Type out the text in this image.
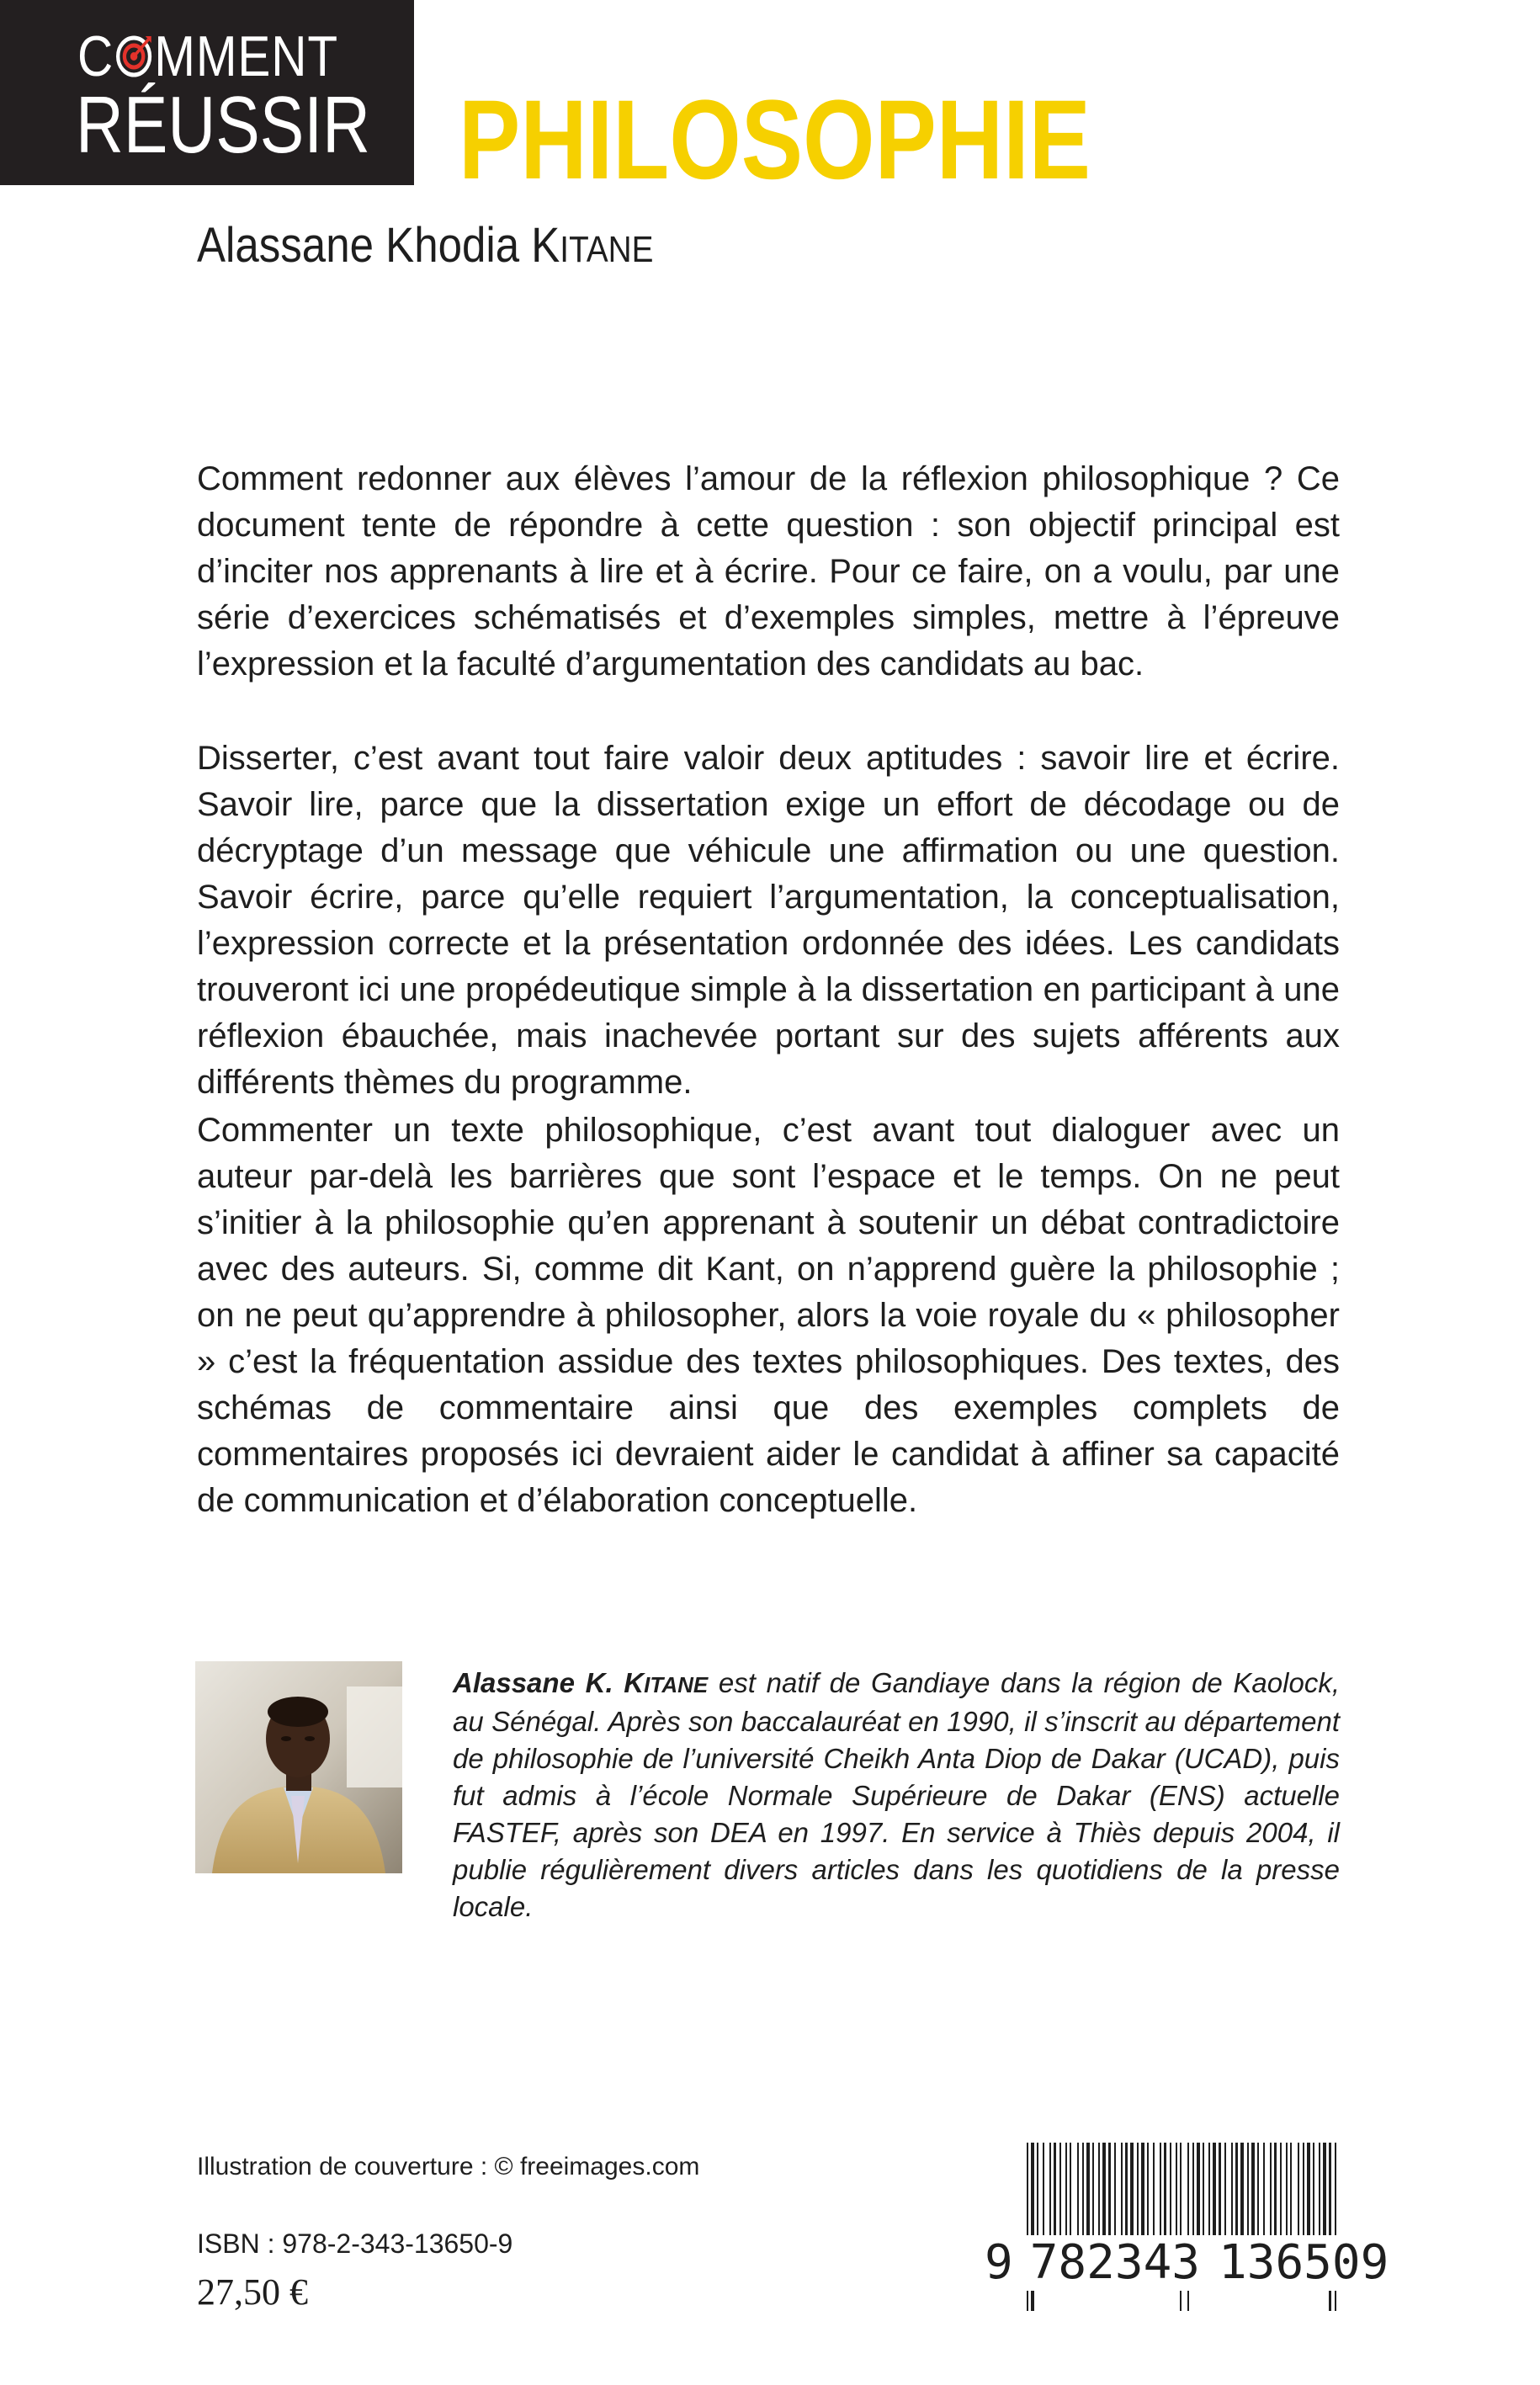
C MMENT
RÉUSSIR PHILOSOPHIE
Alassane Khodia KITANE

Comment redonner aux élèves l’amour de la réflexion philosophique ? Ce document tente de répondre à cette question : son objectif principal est d’inciter nos apprenants à lire et à écrire. Pour ce faire, on a voulu, par une série d’exercices schématisés et d’exemples simples, mettre à l’épreuve l’expression et la faculté d’argumentation des candidats au bac.

Disserter, c’est avant tout faire valoir deux aptitudes : savoir lire et écrire. Savoir lire, parce que la dissertation exige un effort de décodage ou de décryptage d’un message que véhicule une affirmation ou une question. Savoir écrire, parce qu’elle requiert l’argumentation, la conceptualisation, l’expression correcte et la présentation ordonnée des idées. Les candidats trouveront ici une propédeutique simple à la dissertation en participant à une réflexion ébauchée, mais inachevée portant sur des sujets afférents aux différents thèmes du programme.

Commenter un texte philosophique, c’est avant tout dialoguer avec un auteur par-delà les barrières que sont l’espace et le temps. On ne peut s’initier à la philosophie qu’en apprenant à soutenir un débat contradictoire avec des auteurs. Si, comme dit Kant, on n’apprend guère la philosophie ; on ne peut qu’apprendre à philosopher, alors la voie royale du « philosopher » c’est la fréquentation assidue des textes philosophiques. Des textes, des schémas de commentaire ainsi que des exemples complets de commentaires proposés ici devraient aider le candidat à affiner sa capacité de communication et d’élaboration conceptuelle.

Alassane K. KITANE est natif de Gandiaye dans la région de Kaolock, au Sénégal. Après son baccalauréat en 1990, il s’inscrit au département de philosophie de l’université Cheikh Anta Diop de Dakar (UCAD), puis fut admis à l’école Normale Supérieure de Dakar (ENS) actuelle FASTEF, après son DEA en 1997. En service à Thiès depuis 2004, il publie régulièrement divers articles dans les quotidiens de la presse locale.

Illustration de couverture : © freeimages.com
ISBN : 978-2-343-13650-9
27,50 €
9 782343 136509
